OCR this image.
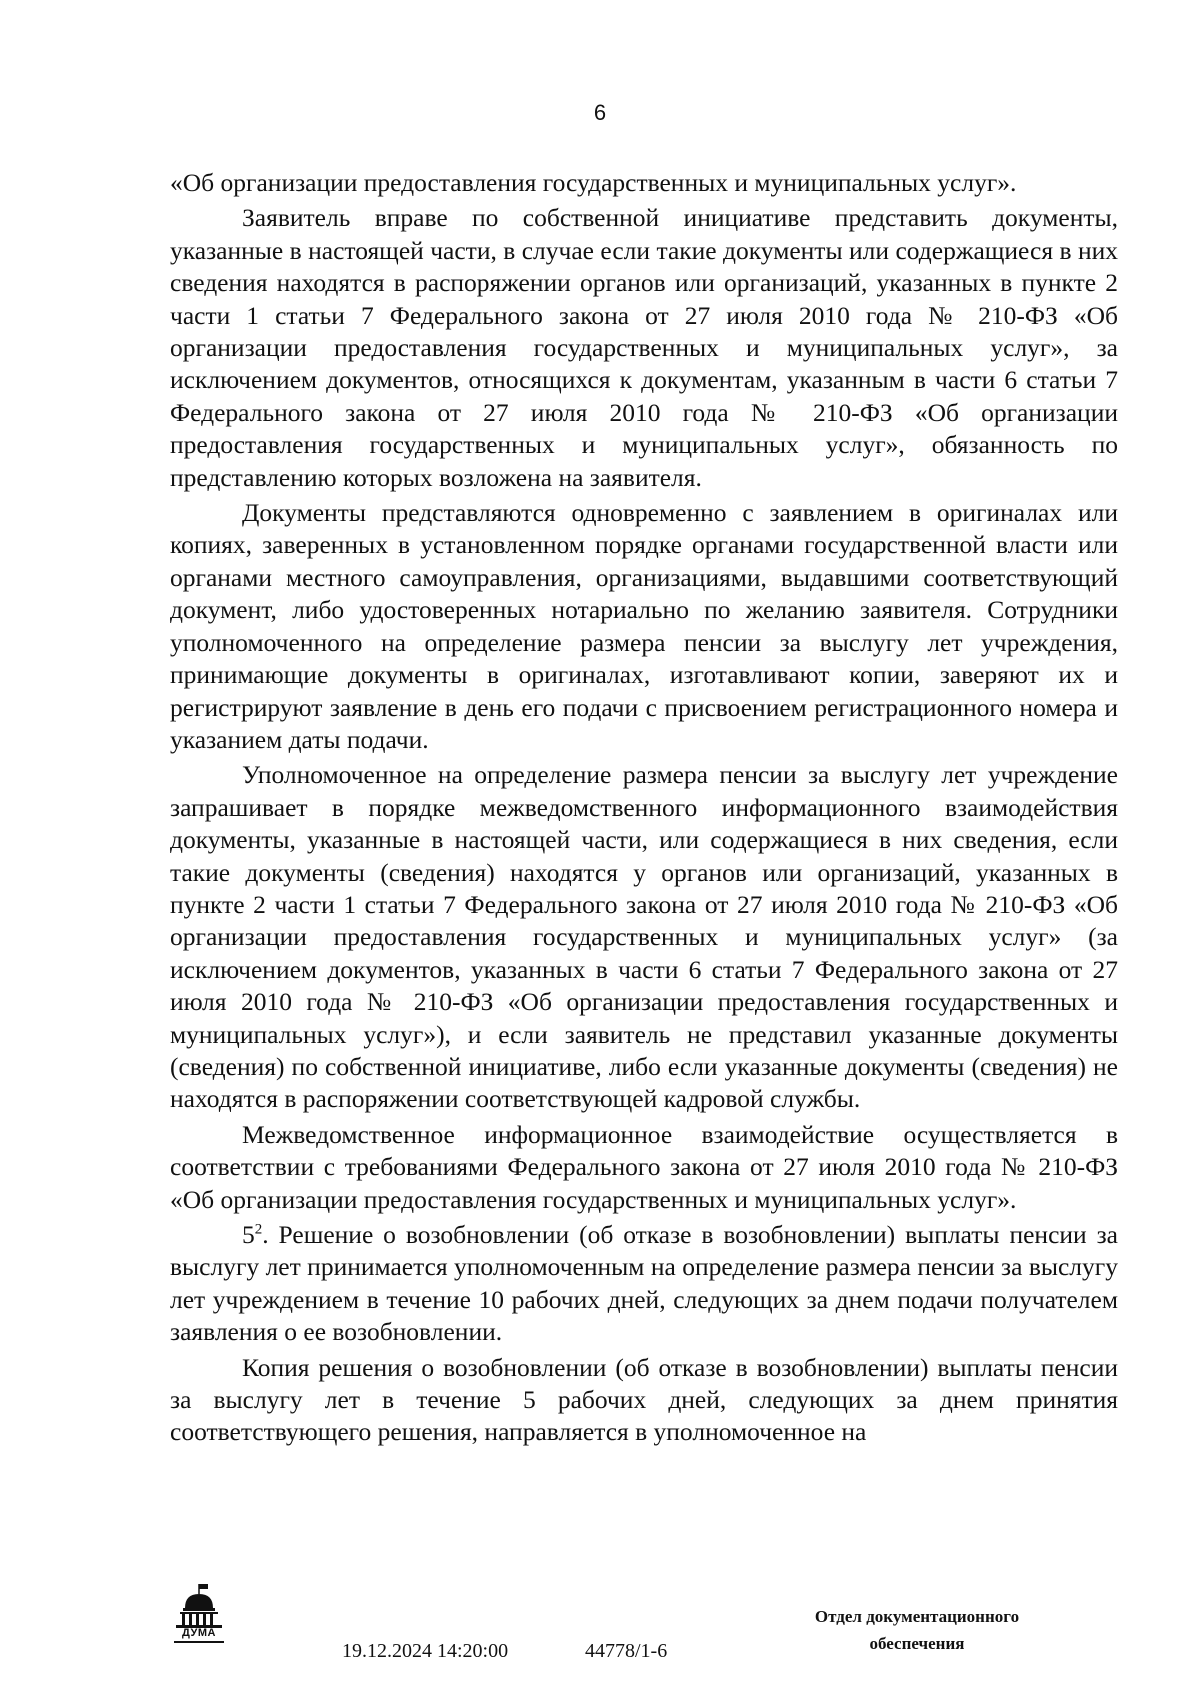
6

«Об организации предоставления государственных и муниципальных услуг».

Заявитель вправе по собственной инициативе представить документы, указанные в настоящей части, в случае если такие документы или содержащиеся в них сведения находятся в распоряжении органов или организаций, указанных в пункте 2 части 1 статьи 7 Федерального закона от 27 июля 2010 года № 210-ФЗ «Об организации предоставления государственных и муниципальных услуг», за исключением документов, относящихся к документам, указанным в части 6 статьи 7 Федерального закона от 27 июля 2010 года № 210-ФЗ «Об организации предоставления государственных и муниципальных услуг», обязанность по представлению которых возложена на заявителя.

Документы представляются одновременно с заявлением в оригиналах или копиях, заверенных в установленном порядке органами государственной власти или органами местного самоуправления, организациями, выдавшими соответствующий документ, либо удостоверенных нотариально по желанию заявителя. Сотрудники уполномоченного на определение размера пенсии за выслугу лет учреждения, принимающие документы в оригиналах, изготавливают копии, заверяют их и регистрируют заявление в день его подачи с присвоением регистрационного номера и указанием даты подачи.

Уполномоченное на определение размера пенсии за выслугу лет учреждение запрашивает в порядке межведомственного информационного взаимодействия документы, указанные в настоящей части, или содержащиеся в них сведения, если такие документы (сведения) находятся у органов или организаций, указанных в пункте 2 части 1 статьи 7 Федерального закона от 27 июля 2010 года № 210-ФЗ «Об организации предоставления государственных и муниципальных услуг» (за исключением документов, указанных в части 6 статьи 7 Федерального закона от 27 июля 2010 года № 210-ФЗ «Об организации предоставления государственных и муниципальных услуг»), и если заявитель не представил указанные документы (сведения) по собственной инициативе, либо если указанные документы (сведения) не находятся в распоряжении соответствующей кадровой службы.

Межведомственное информационное взаимодействие осуществляется в соответствии с требованиями Федерального закона от 27 июля 2010 года № 210-ФЗ «Об организации предоставления государственных и муниципальных услуг».

$5^2$. Решение о возобновлении (об отказе в возобновлении) выплаты пенсии за выслугу лет принимается уполномоченным на определение размера пенсии за выслугу лет учреждением в течение 10 рабочих дней, следующих за днем подачи получателем заявления о ее возобновлении.

Копия решения о возобновлении (об отказе в возобновлении) выплаты пенсии за выслугу лет в течение 5 рабочих дней, следующих за днем принятия соответствующего решения, направляется в уполномоченное на

ДУМА
19.12.2024 14:20:00	44778/1-6
Отдел документационного
обеспечения
